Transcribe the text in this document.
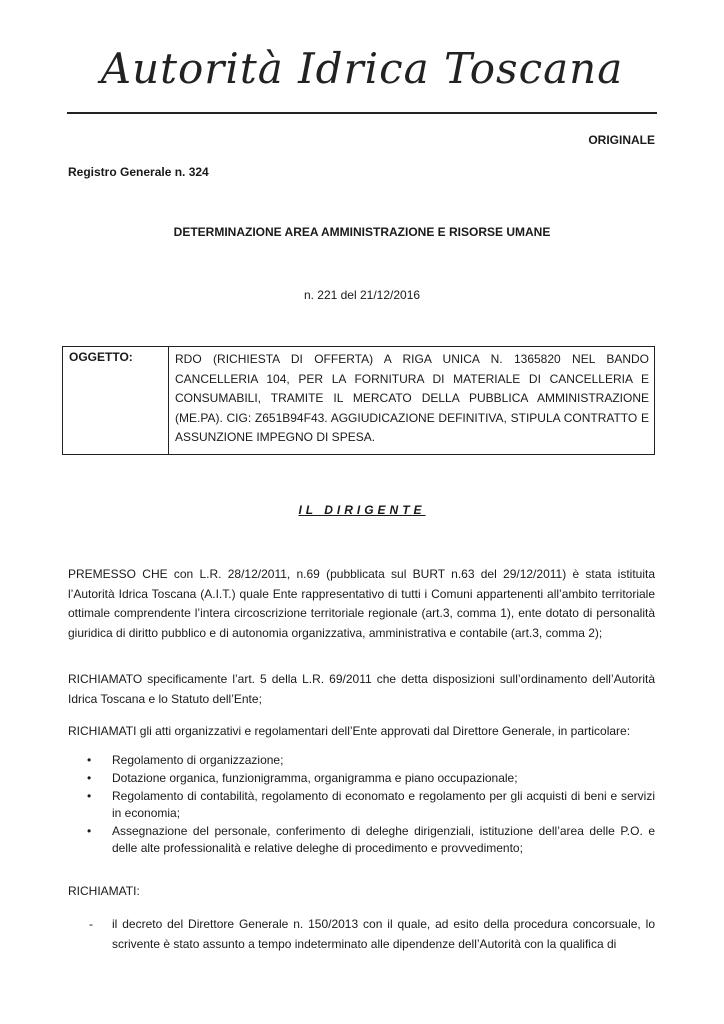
Autorità Idrica Toscana
ORIGINALE
Registro Generale n. 324
DETERMINAZIONE AREA AMMINISTRAZIONE E RISORSE UMANE
n. 221 del 21/12/2016
OGGETTO:	RDO (RICHIESTA DI OFFERTA) A RIGA UNICA N. 1365820 NEL BANDO CANCELLERIA 104, PER LA FORNITURA DI MATERIALE DI CANCELLERIA E CONSUMABILI, TRAMITE IL MERCATO DELLA PUBBLICA AMMINISTRAZIONE (ME.PA). CIG: Z651B94F43. AGGIUDICAZIONE DEFINITIVA, STIPULA CONTRATTO E ASSUNZIONE IMPEGNO DI SPESA.
IL DIRIGENTE
PREMESSO CHE con L.R. 28/12/2011, n.69 (pubblicata sul BURT n.63 del 29/12/2011) è stata istituita l’Autorità Idrica Toscana (A.I.T.) quale Ente rappresentativo di tutti i Comuni appartenenti all’ambito territoriale ottimale comprendente l’intera circoscrizione territoriale regionale (art.3, comma 1), ente dotato di personalità giuridica di diritto pubblico e di autonomia organizzativa, amministrativa e contabile (art.3, comma 2);
RICHIAMATO specificamente l’art. 5 della L.R. 69/2011 che detta disposizioni sull’ordinamento dell’Autorità Idrica Toscana e lo Statuto dell’Ente;
RICHIAMATI gli atti organizzativi e regolamentari dell’Ente approvati dal Direttore Generale, in particolare:
• Regolamento di organizzazione;
• Dotazione organica, funzionigramma, organigramma e piano occupazionale;
• Regolamento di contabilità, regolamento di economato e regolamento per gli acquisti di beni e servizi in economia;
• Assegnazione del personale, conferimento di deleghe dirigenziali, istituzione dell’area delle P.O. e delle alte professionalità e relative deleghe di procedimento e provvedimento;
RICHIAMATI:
- il decreto del Direttore Generale n. 150/2013 con il quale, ad esito della procedura concorsuale, lo scrivente è stato assunto a tempo indeterminato alle dipendenze dell’Autorità con la qualifica di
